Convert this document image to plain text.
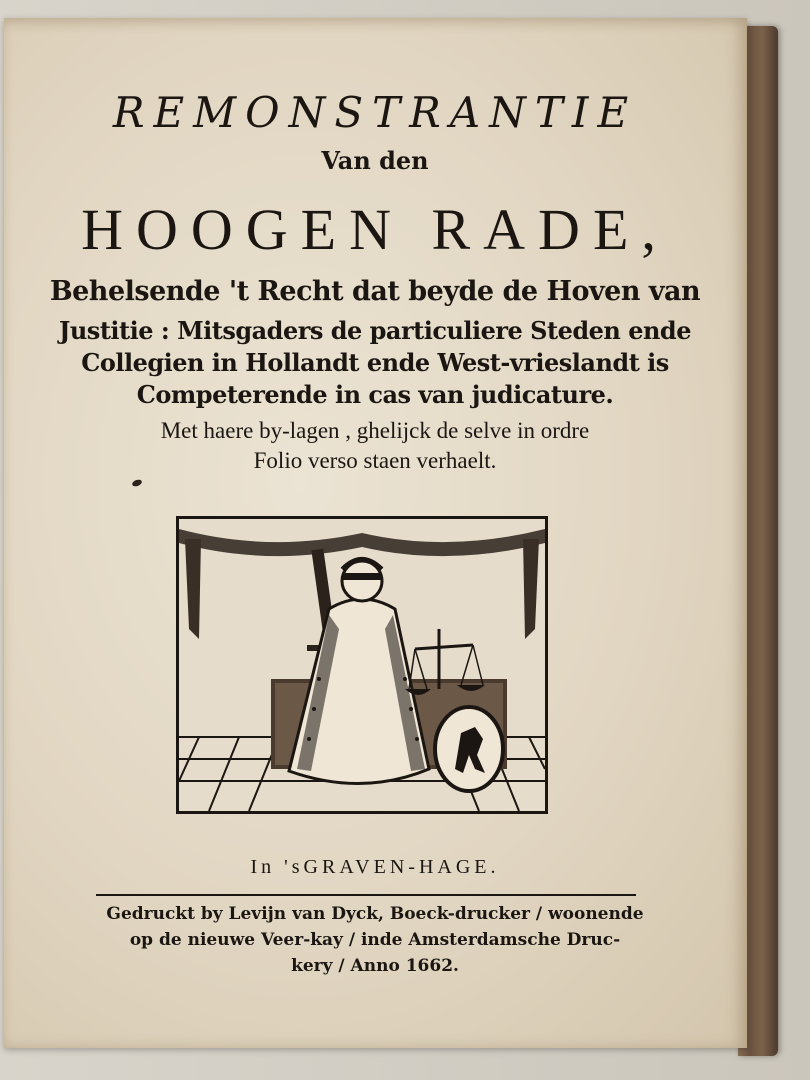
REMONSTRANTIE
Van den
HOOGEN RADE,
Behelsende 't Recht dat beyde de Hoven van
Justitie : Mitsgaders de particuliere Steden ende
Collegien in Hollandt ende West-vrieslandt is
Competerende in cas van judicature.
Met haere by-lagen , ghelijck de selve in ordre
Folio verso staen verhaelt.
In 'sGRAVEN-HAGE.
Gedruckt by Levijn van Dyck, Boeck-drucker / woonende
op de nieuwe Veer-kay / inde Amsterdamsche Druc-
kery / Anno 1662.
